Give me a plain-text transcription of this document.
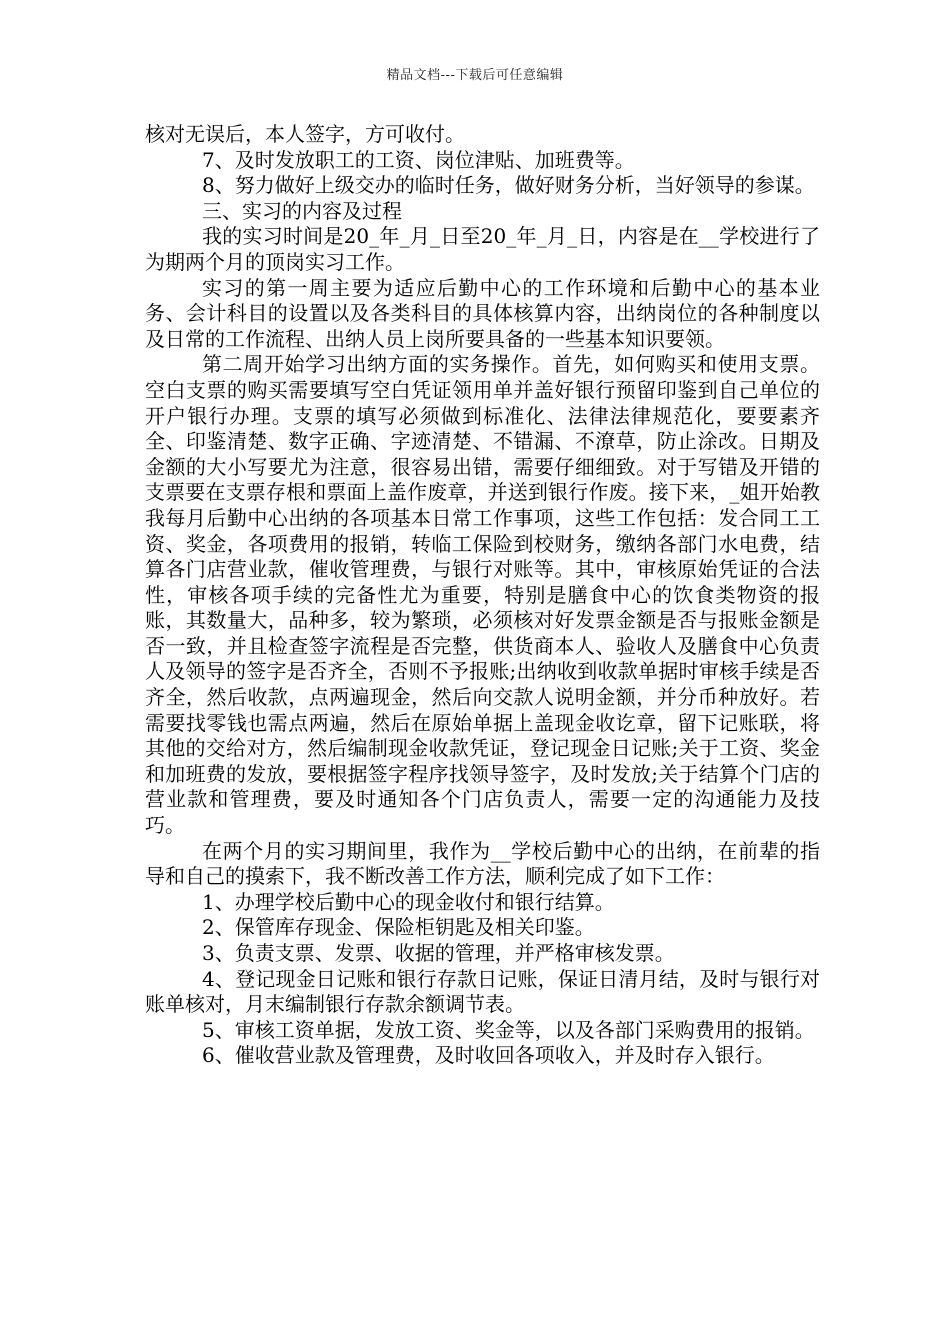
精品文档---下载后可任意编辑

核对无误后，本人签字，方可收付。

7、及时发放职工的工资、岗位津贴、加班费等。

8、努力做好上级交办的临时任务，做好财务分析，当好领导的参谋。

三、实习的内容及过程

我的实习时间是20_年_月_日至20_年_月_日，内容是在__学校进行了为期两个月的顶岗实习工作。

实习的第一周主要为适应后勤中心的工作环境和后勤中心的基本业务、会计科目的设置以及各类科目的具体核算内容，出纳岗位的各种制度以及日常的工作流程、出纳人员上岗所要具备的一些基本知识要领。

第二周开始学习出纳方面的实务操作。首先，如何购买和使用支票。空白支票的购买需要填写空白凭证领用单并盖好银行预留印鉴到自己单位的开户银行办理。支票的填写必须做到标准化、法律法律规范化，要要素齐全、印鉴清楚、数字正确、字迹清楚、不错漏、不潦草，防止涂改。日期及金额的大小写要尤为注意，很容易出错，需要仔细细致。对于写错及开错的支票要在支票存根和票面上盖作废章，并送到银行作废。接下来，_姐开始教我每月后勤中心出纳的各项基本日常工作事项，这些工作包括：发合同工工资、奖金，各项费用的报销，转临工保险到校财务，缴纳各部门水电费，结算各门店营业款，催收管理费，与银行对账等。其中，审核原始凭证的合法性，审核各项手续的完备性尤为重要，特别是膳食中心的饮食类物资的报账，其数量大，品种多，较为繁琐，必须核对好发票金额是否与报账金额是否一致，并且检查签字流程是否完整，供货商本人、验收人及膳食中心负责人及领导的签字是否齐全，否则不予报账;出纳收到收款单据时审核手续是否齐全，然后收款，点两遍现金，然后向交款人说明金额，并分币种放好。若需要找零钱也需点两遍，然后在原始单据上盖现金收讫章，留下记账联，将其他的交给对方，然后编制现金收款凭证，登记现金日记账;关于工资、奖金和加班费的发放，要根据签字程序找领导签字，及时发放;关于结算个门店的营业款和管理费，要及时通知各个门店负责人，需要一定的沟通能力及技巧。

在两个月的实习期间里，我作为__学校后勤中心的出纳，在前辈的指导和自己的摸索下，我不断改善工作方法，顺利完成了如下工作：

1、办理学校后勤中心的现金收付和银行结算。

2、保管库存现金、保险柜钥匙及相关印鉴。

3、负责支票、发票、收据的管理，并严格审核发票。

4、登记现金日记账和银行存款日记账，保证日清月结，及时与银行对账单核对，月末编制银行存款余额调节表。

5、审核工资单据，发放工资、奖金等，以及各部门采购费用的报销。

6、催收营业款及管理费，及时收回各项收入，并及时存入银行。
